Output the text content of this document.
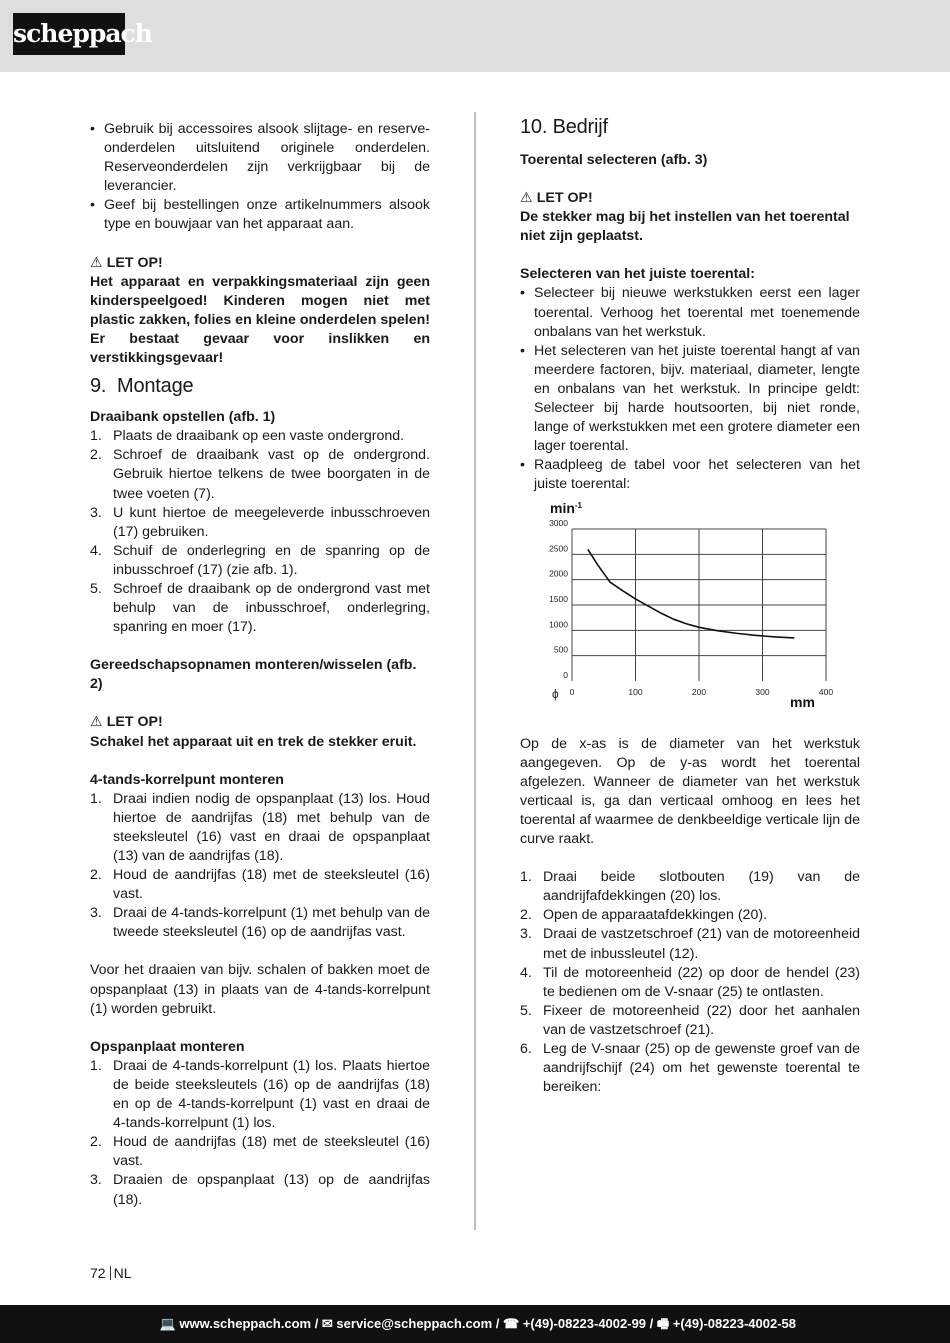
scheppach
• Gebruik bij accessoires alsook slijtage- en reserve-onderdelen uitsluitend originele onderdelen. Reserveonderdelen zijn verkrijgbaar bij de leverancier.
• Geef bij bestellingen onze artikelnummers alsook type en bouwjaar van het apparaat aan.

⚠ LET OP!

Het apparaat en verpakkingsmateriaal zijn geen kinderspeelgoed! Kinderen mogen niet met plastic zakken, folies en kleine onderdelen spelen! Er bestaat gevaar voor inslikken en verstikkingsgevaar!

9. Montage

Draaibank opstellen (afb. 1)

1. Plaats de draaibank op een vaste ondergrond.
2. Schroef de draaibank vast op de ondergrond. Gebruik hiertoe telkens de twee boorgaten in de twee voeten (7).
3. U kunt hiertoe de meegeleverde inbusschroeven (17) gebruiken.
4. Schuif de onderlegring en de spanring op de inbusschroef (17) (zie afb. 1).
5. Schroef de draaibank op de ondergrond vast met behulp van de inbusschroef, onderlegring, spanring en moer (17).

Gereedschapsopnamen monteren/wisselen (afb. 2)

⚠ LET OP!

Schakel het apparaat uit en trek de stekker eruit.

4-tands-korrelpunt monteren

1. Draai indien nodig de opspanplaat (13) los. Houd hiertoe de aandrijfas (18) met behulp van de steeksleutel (16) vast en draai de opspanplaat (13) van de aandrijfas (18).
2. Houd de aandrijfas (18) met de steeksleutel (16) vast.
3. Draai de 4-tands-korrelpunt (1) met behulp van de tweede steeksleutel (16) op de aandrijfas vast.

Voor het draaien van bijv. schalen of bakken moet de opspanplaat (13) in plaats van de 4-tands-korrelpunt (1) worden gebruikt.

Opspanplaat monteren

1. Draai de 4-tands-korrelpunt (1) los. Plaats hiertoe de beide steeksleutels (16) op de aandrijfas (18) en op de 4-tands-korrelpunt (1) vast en draai de 4-tands-korrelpunt (1) los.
2. Houd de aandrijfas (18) met de steeksleutel (16) vast.
3. Draaien de opspanplaat (13) op de aandrijfas (18).
10. Bedrijf

Toerental selecteren (afb. 3)

⚠ LET OP!

De stekker mag bij het instellen van het toerental niet zijn geplaatst.

Selecteren van het juiste toerental:

• Selecteer bij nieuwe werkstukken eerst een lager toerental. Verhoog het toerental met toenemende onbalans van het werkstuk.
• Het selecteren van het juiste toerental hangt af van meerdere factoren, bijv. materiaal, diameter, lengte en onbalans van het werkstuk. In principe geldt: Selecteer bij harde houtsoorten, bij niet ronde, lange of werkstukken met een grotere diameter een lager toerental.
• Raadpleeg de tabel voor het selecteren van het juiste toerental:
0
500
1000
1500
2000
2500
3000
0	100	200	300	400
ϕ
$\min^{-1}$
mm

Op de x-as is de diameter van het werkstuk aangegeven. Op de y-as wordt het toerental afgelezen. Wanneer de diameter van het werkstuk verticaal is, ga dan verticaal omhoog en lees het toerental af waarmee de denkbeeldige verticale lijn de curve raakt.

1. Draai beide slotbouten (19) van de aandrijfafdekkingen (20) los.
2. Open de apparaatafdekkingen (20).
3. Draai de vastzetschroef (21) van de motoreenheid met de inbussleutel (12).
4. Til de motoreenheid (22) op door de hendel (23) te bedienen om de V-snaar (25) te ontlasten.
5. Fixeer de motoreenheid (22) door het aanhalen van de vastzetschroef (21).
6. Leg de V-snaar (25) op de gewenste groef van de aandrijfschijf (24) om het gewenste toerental te bereiken:
72 NL
💻 www.scheppach.com / ✉ service@scheppach.com / ☎ +(49)-08223-4002-99 / 🖷 +(49)-08223-4002-58
